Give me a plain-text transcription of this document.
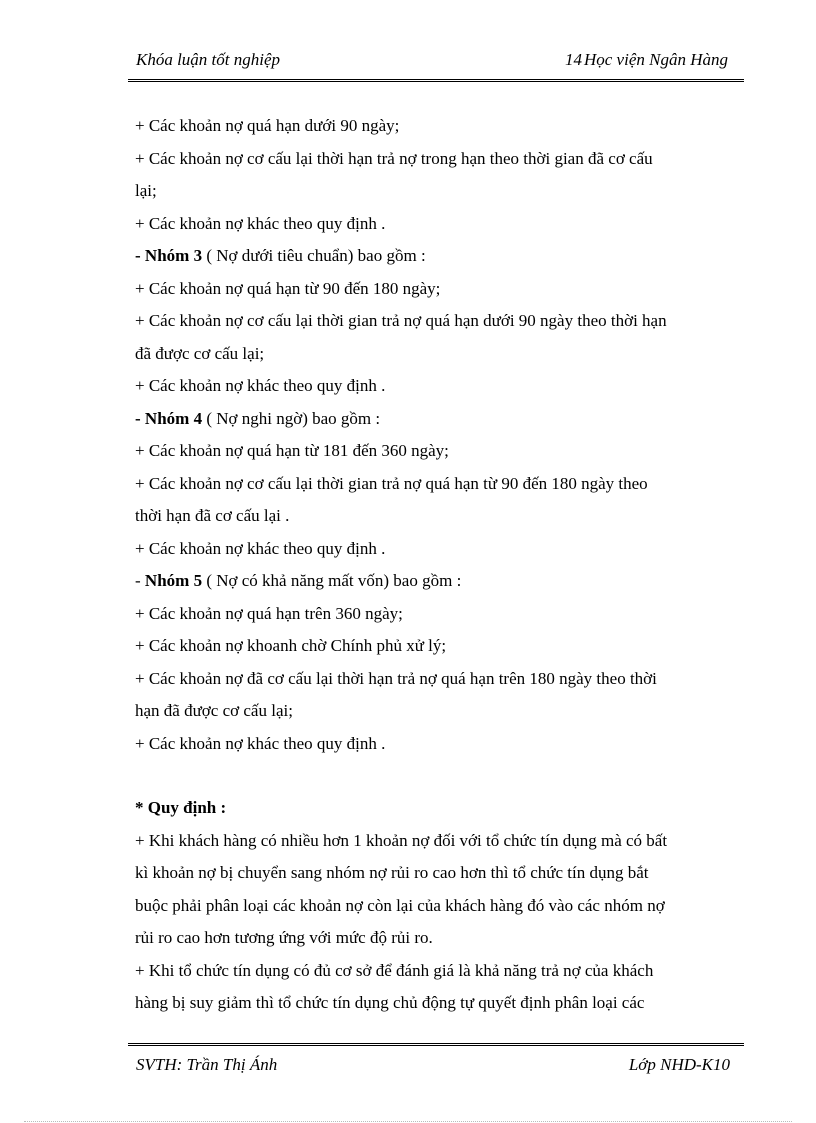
Khóa luận tốt nghiệp	14 Học viện Ngân Hàng
+ Các khoản nợ quá hạn dưới 90 ngày;
+ Các khoản nợ cơ cấu lại thời hạn trả nợ trong hạn theo thời gian đã cơ cấu
lại;
+ Các khoản nợ khác theo quy định .
- Nhóm 3 ( Nợ dưới tiêu chuẩn) bao gồm :
+ Các khoản nợ quá hạn từ 90 đến 180 ngày;
+ Các khoản nợ cơ cấu lại thời gian trả nợ quá hạn dưới 90 ngày theo thời hạn
đã được cơ cấu lại;
+ Các khoản nợ khác theo quy định .
- Nhóm 4 ( Nợ nghi ngờ) bao gồm :
+ Các khoản nợ quá hạn từ 181 đến 360 ngày;
+ Các khoản nợ cơ cấu lại thời gian trả nợ quá hạn từ 90 đến 180 ngày theo
thời hạn đã cơ cấu lại .
+ Các khoản nợ khác theo quy định .
- Nhóm 5 ( Nợ có khả năng mất vốn) bao gồm :
+ Các khoản nợ quá hạn trên 360 ngày;
+ Các khoản nợ khoanh chờ Chính phủ xử lý;
+ Các khoản nợ đã cơ cấu lại thời hạn trả nợ quá hạn trên 180 ngày theo thời
hạn đã được cơ cấu lại;
+ Các khoản nợ khác theo quy định .
* Quy định :
+ Khi khách hàng có nhiều hơn 1 khoản nợ đối với tổ chức tín dụng mà có bất
kì khoản nợ bị chuyển sang nhóm nợ rủi ro cao hơn thì tổ chức tín dụng bắt
buộc phải phân loại các khoản nợ còn lại của khách hàng đó vào các nhóm nợ
rủi ro cao hơn tương ứng với mức độ rủi ro.
+ Khi tổ chức tín dụng có đủ cơ sở để đánh giá là khả năng trả nợ của khách
hàng bị suy giảm thì tổ chức tín dụng chủ động tự quyết định phân loại các
SVTH: Trần Thị Ánh	Lớp NHD-K10
